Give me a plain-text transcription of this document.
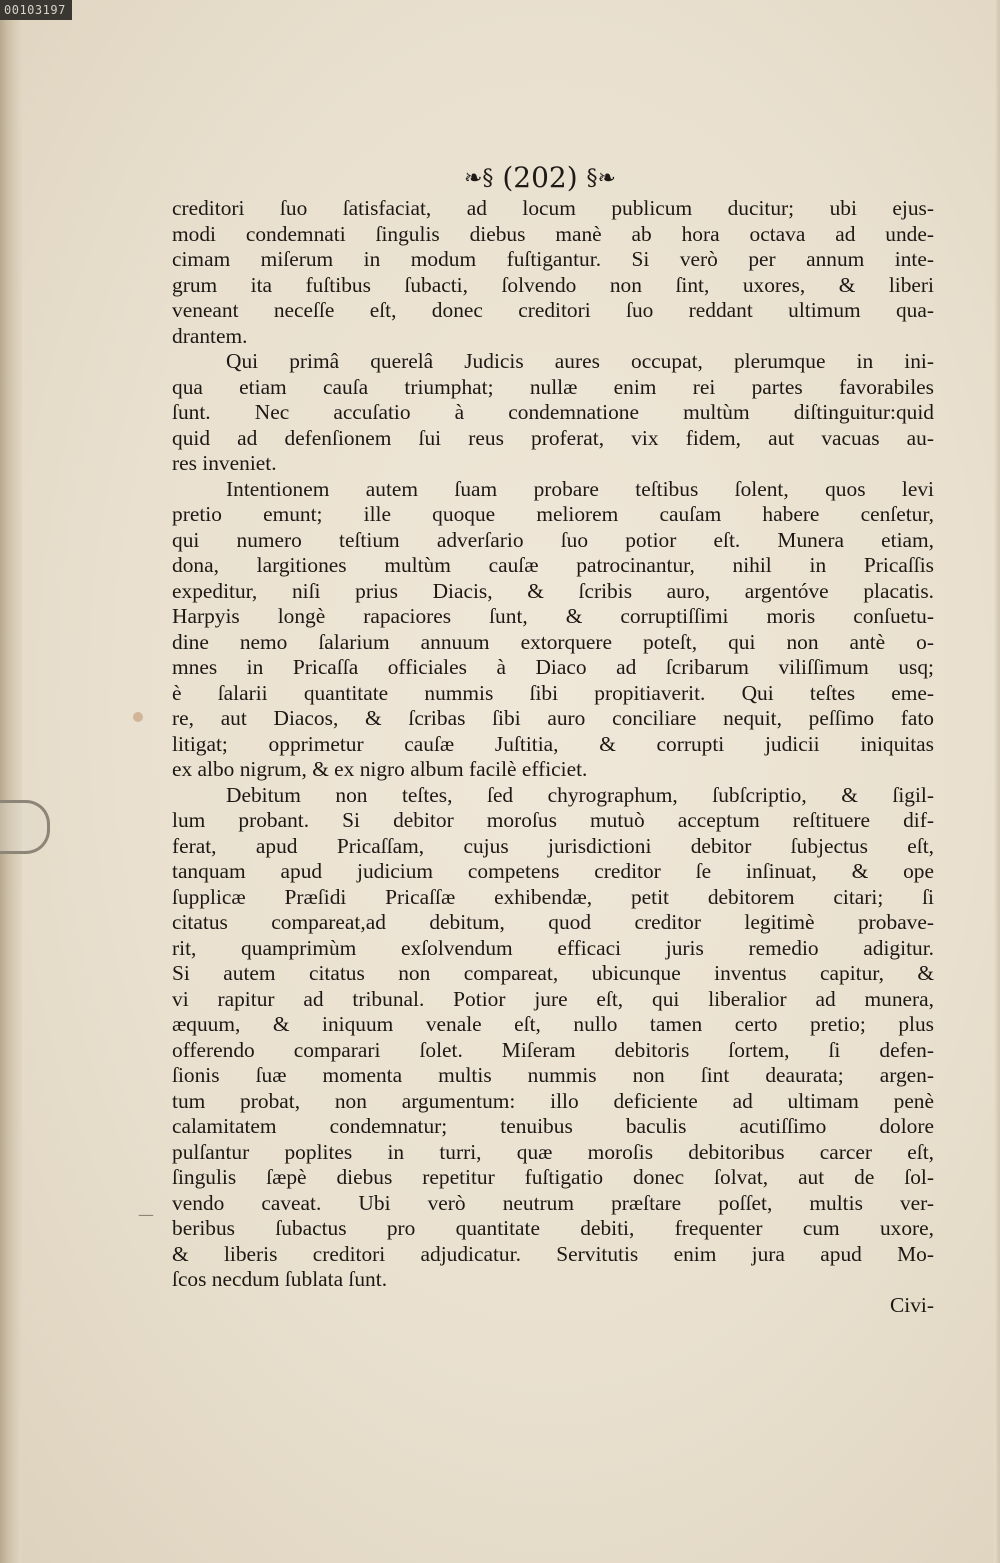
00103197
—
❧§ (202) §❧
creditori ſuo ſatisfaciat, ad locum publicum ducitur; ubi ejus-
modi condemnati ſingulis diebus manè ab hora octava ad unde-
cimam miſerum in modum fuſtigantur. Si verò per annum inte-
grum ita fuſtibus ſubacti, ſolvendo non ſint, uxores, & liberi
veneant neceſſe eſt, donec creditori ſuo reddant ultimum qua-
drantem.
Qui primâ querelâ Judicis aures occupat, plerumque in ini-
qua etiam cauſa triumphat; nullæ enim rei partes favorabiles
ſunt. Nec accuſatio à condemnatione multùm diſtinguitur:quid
quid ad defenſionem ſui reus proferat, vix fidem, aut vacuas au-
res inveniet.
Intentionem autem ſuam probare teſtibus ſolent, quos levi
pretio emunt; ille quoque meliorem cauſam habere cenſetur,
qui numero teſtium adverſario ſuo potior eſt. Munera etiam,
dona, largitiones multùm cauſæ patrocinantur, nihil in Pricaſſis
expeditur, niſi prius Diacis, & ſcribis auro, argentóve placatis.
Harpyis longè rapaciores ſunt, & corruptiſſimi moris conſuetu-
dine nemo ſalarium annuum extorquere poteſt, qui non antè o-
mnes in Pricaſſa officiales à Diaco ad ſcribarum viliſſimum usq;
è ſalarii quantitate nummis ſibi propitiaverit. Qui teſtes eme-
re, aut Diacos, & ſcribas ſibi auro conciliare nequit, peſſimo fato
litigat; opprimetur cauſæ Juſtitia, & corrupti judicii iniquitas
ex albo nigrum, & ex nigro album facilè efficiet.
Debitum non teſtes, ſed chyrographum, ſubſcriptio, & ſigil-
lum probant. Si debitor moroſus mutuò acceptum reſtituere dif-
ferat, apud Pricaſſam, cujus jurisdictioni debitor ſubjectus eſt,
tanquam apud judicium competens creditor ſe inſinuat, & ope
ſupplicæ Præſidi Pricaſſæ exhibendæ, petit debitorem citari; ſi
citatus compareat,ad debitum, quod creditor legitimè probave-
rit, quamprimùm exſolvendum efficaci juris remedio adigitur.
Si autem citatus non compareat, ubicunque inventus capitur, &
vi rapitur ad tribunal. Potior jure eſt, qui liberalior ad munera,
æquum, & iniquum venale eſt, nullo tamen certo pretio; plus
offerendo comparari ſolet. Miſeram debitoris ſortem, ſi defen-
ſionis ſuæ momenta multis nummis non ſint deaurata; argen-
tum probat, non argumentum: illo deficiente ad ultimam penè
calamitatem condemnatur; tenuibus baculis acutiſſimo dolore
pulſantur poplites in turri, quæ moroſis debitoribus carcer eſt,
ſingulis ſæpè diebus repetitur fuſtigatio donec ſolvat, aut de ſol-
vendo caveat. Ubi verò neutrum præſtare poſſet, multis ver-
beribus ſubactus pro quantitate debiti, frequenter cum uxore,
& liberis creditori adjudicatur. Servitutis enim jura apud Mo-
ſcos necdum ſublata ſunt.
Civi-
